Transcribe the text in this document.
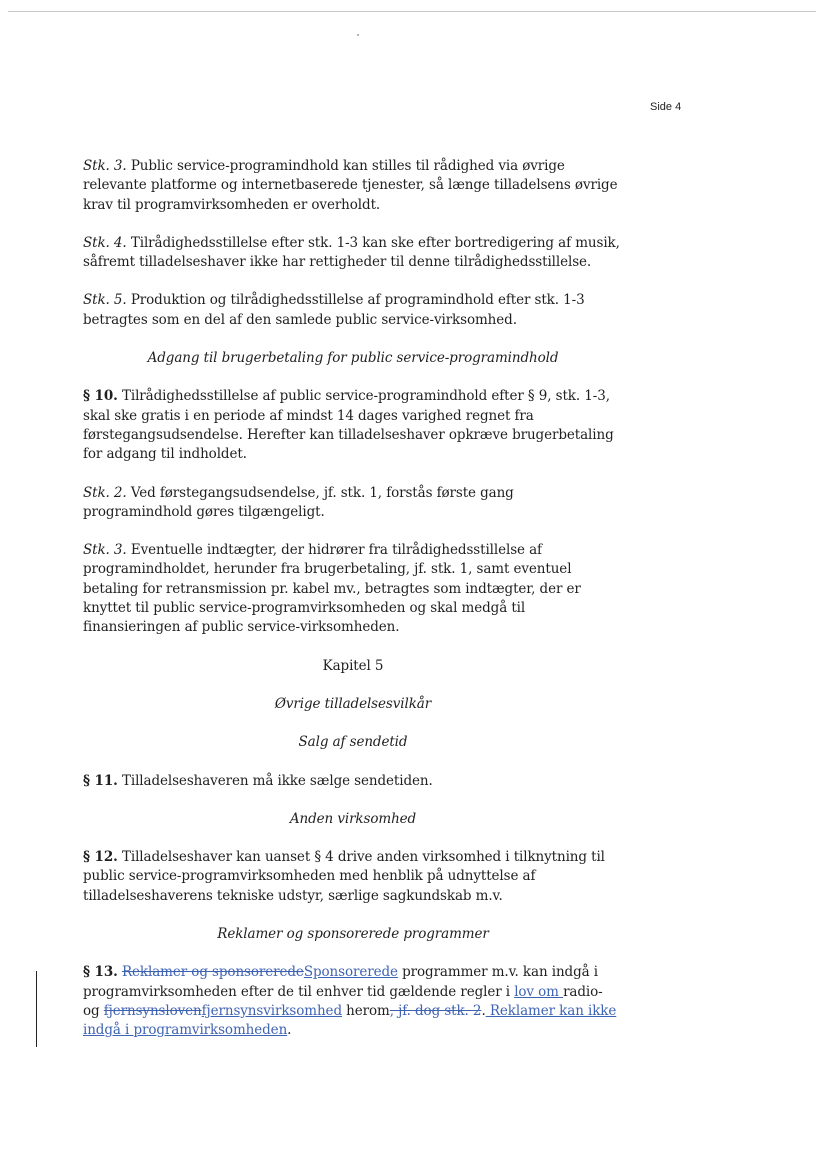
Side 4

Stk. 3. Public service-programindhold kan stilles til rådighed via øvrige relevante platforme og internetbaserede tjenester, så længe tilladelsens øvrige krav til programvirksomheden er overholdt.

Stk. 4. Tilrådighedsstillelse efter stk. 1-3 kan ske efter bortredigering af musik, såfremt tilladelseshaver ikke har rettigheder til denne tilrådighedsstillelse.

Stk. 5. Produktion og tilrådighedsstillelse af programindhold efter stk. 1-3 betragtes som en del af den samlede public service-virksomhed.

Adgang til brugerbetaling for public service-programindhold

§ 10. Tilrådighedsstillelse af public service-programindhold efter § 9, stk. 1-3, skal ske gratis i en periode af mindst 14 dages varighed regnet fra førstegangsudsendelse. Herefter kan tilladelseshaver opkræve brugerbetaling for adgang til indholdet.

Stk. 2. Ved førstegangsudsendelse, jf. stk. 1, forstås første gang programindhold gøres tilgængeligt.

Stk. 3. Eventuelle indtægter, der hidrører fra tilrådighedsstillelse af programindholdet, herunder fra brugerbetaling, jf. stk. 1, samt eventuel betaling for retransmission pr. kabel mv., betragtes som indtægter, der er knyttet til public service-programvirksomheden og skal medgå til finansieringen af public service-virksomheden.

Kapitel 5

Øvrige tilladelsesvilkår

Salg af sendetid

§ 11. Tilladelseshaveren må ikke sælge sendetiden.

Anden virksomhed

§ 12. Tilladelseshaver kan uanset § 4 drive anden virksomhed i tilknytning til public service-programvirksomheden med henblik på udnyttelse af tilladelseshaverens tekniske udstyr, særlige sagkundskab m.v.

Reklamer og sponsorerede programmer

§ 13. Reklamer og sponsoreredeSponsorerede programmer m.v. kan indgå i programvirksomheden efter de til enhver tid gældende regler i lov om radio- og fjernsynslovenfjernsynsvirksomhed herom, jf. dog stk. 2. Reklamer kan ikke indgå i programvirksomheden.
